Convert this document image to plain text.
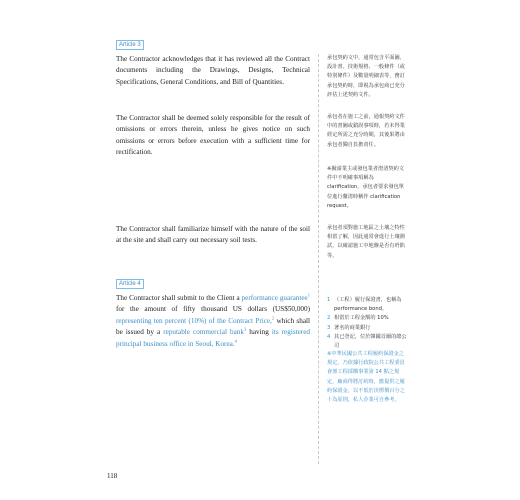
Article 3
The Contractor acknowledges that it has reviewed all the Contract documents including the Drawings, Designs, Technical Specifications, General Conditions, and Bill of Quantities.
The Contractor shall be deemed solely responsible for the result of omissions or errors therein, unless he gives notice on such omissions or errors before execution with a sufficient time for rectification.
The Contractor shall familiarize himself with the nature of the soil at the site and shall carry out necessary soil tests.
Article 4
The Contractor shall submit to the Client a performance guarantee$^1$ for the amount of fifty thousand US dollars (US$50,000) representing ten percent (10%) of the Contract Price,$^2$ which shall be issued by a reputable commercial bank$^3$ having its registered principal business office in Seoul, Korea.$^4$
承包契約文中，通常包含平面圖、設計書、技術規格、一般條件（或特別條件）及數量明細表等，務訂承包契約時，即視為承包商已充分評估上述契約文件。
承包者在施工之前，通報契約文件中的書圖或錯誤事項時，若未得業經定所需之充分時間，其後果將由承包者獨自負擔責任。
※擬請業主或發包業者澄清契約文件中不明確事項稱為 clarification，承包者要求發包單位進行釐清時稱作 clarification request。
承包者須對施工地區之土壤之特性相當了解，因此通常會進行土壤測試，以確認施工中地盤是否有坍陷等。
1 （工程）履行保證書，也稱為 performance bond。
2 相當於工程金額的 10%
3 著名的商業銀行
4 其已登記，位於韓國首爾的總公司
※中華民國公共工程履約保證金之規定，乃依據行政院公共工程委員會頒工程採購事業第 14 點之規定，廠商得將訂約時，應提供之履約保證金，以不低於決標價百分之十為原則，私人企業可自參考。
118
